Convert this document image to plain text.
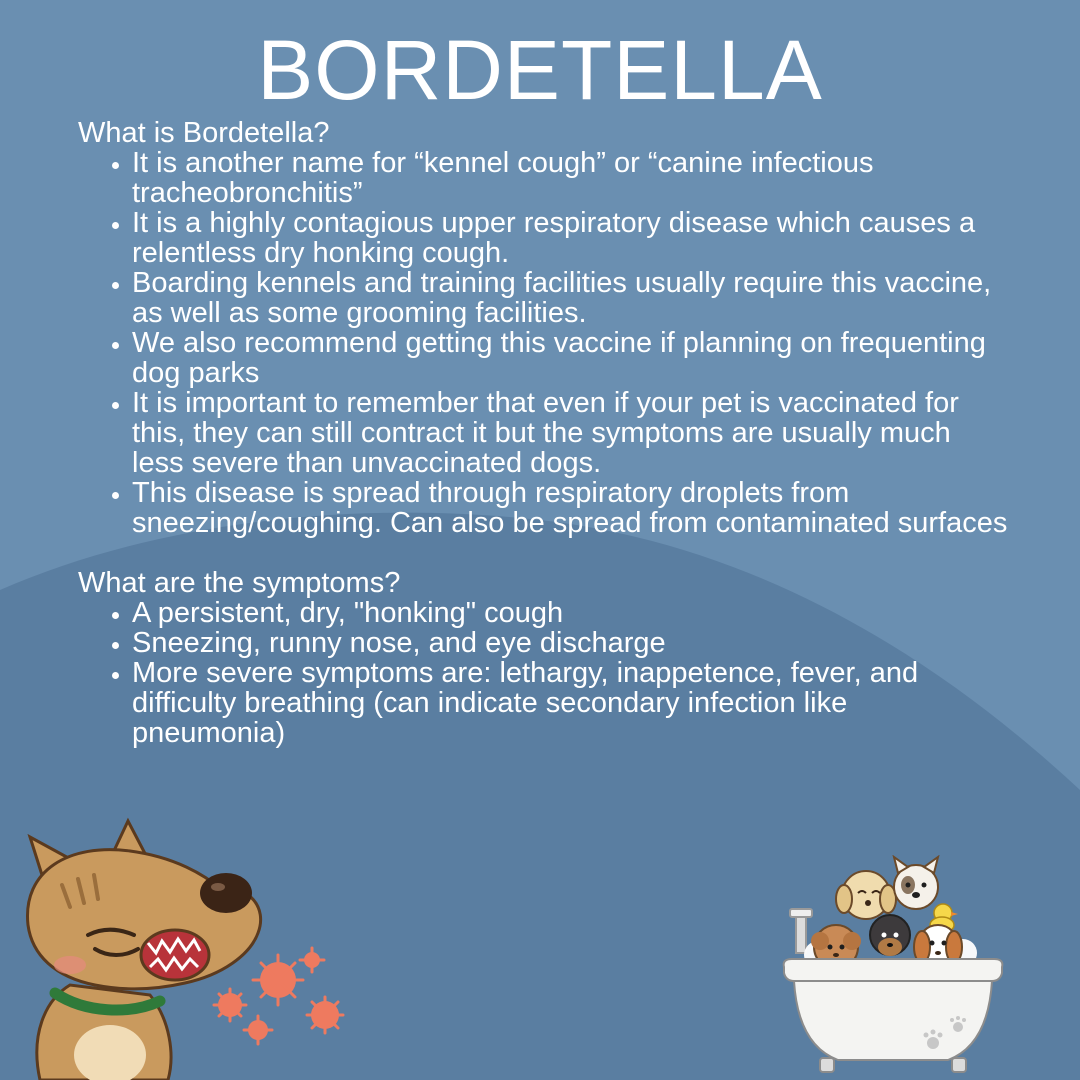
BORDETELLA

What is Bordetella?

• It is another name for “kennel cough” or “canine infectious tracheobronchitis”
• It is a highly contagious upper respiratory disease which causes a relentless dry honking cough.
• Boarding kennels and training facilities usually require this vaccine, as well as some grooming facilities.
• We also recommend getting this vaccine if planning on frequenting dog parks
• It is important to remember that even if your pet is vaccinated for this, they can still contract it but the symptoms are usually much less severe than unvaccinated dogs.
• This disease is spread through respiratory droplets from sneezing/coughing. Can also be spread from contaminated surfaces

What are the symptoms?

• A persistent, dry, "honking" cough
• Sneezing, runny nose, and eye discharge
• More severe symptoms are: lethargy, inappetence, fever, and difficulty breathing (can indicate secondary infection like pneumonia)
